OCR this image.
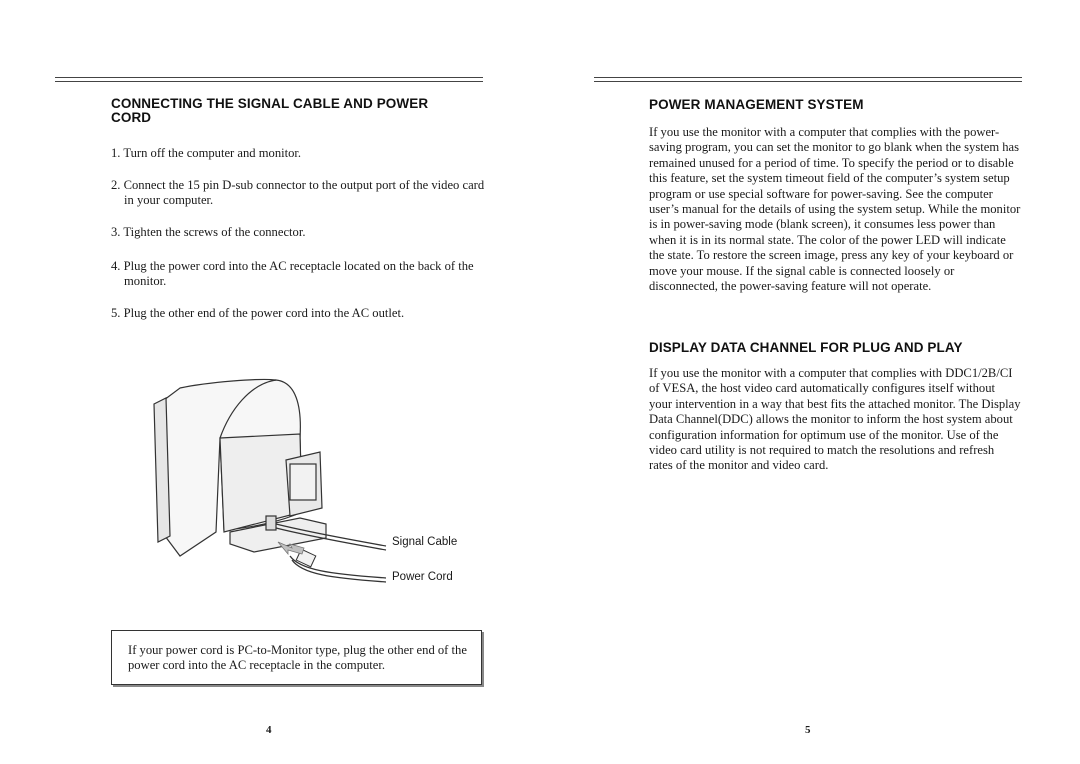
CONNECTING THE SIGNAL CABLE AND POWER CORD
1. Turn off the computer and monitor.
2. Connect the 15 pin D-sub connector to the output port of the video card in your computer.
3. Tighten the screws of the connector.
4. Plug the power cord into the AC receptacle located on the back of the monitor.
5. Plug the other end of the power cord into the AC outlet.
Signal Cable
Power Cord
If your power cord is PC-to-Monitor type, plug the other end of the power cord into the AC receptacle in the computer.
4
POWER MANAGEMENT SYSTEM

If you use the monitor with a computer that complies with the power-saving program, you can set the monitor to go blank when the system has remained unused for a period of time. To specify the period or to disable this feature, set the system timeout field of the computer’s system setup program or use special software for power-saving. See the computer user’s manual for the details of using the system setup. While the monitor is in power-saving mode (blank screen), it consumes less power than when it is in its normal state. The color of the power LED will indicate the state. To restore the screen image, press any key of your keyboard or move your mouse. If the signal cable is connected loosely or disconnected, the power-saving feature will not operate.

DISPLAY DATA CHANNEL FOR PLUG AND PLAY

If you use the monitor with a computer that complies with DDC1/2B/CI of VESA, the host video card automatically configures itself without your intervention in a way that best fits the attached monitor. The Display Data Channel(DDC) allows the monitor to inform the host system about configuration information for optimum use of the monitor. Use of the video card utility is not required to match the resolutions and refresh rates of the monitor and video card.

5
